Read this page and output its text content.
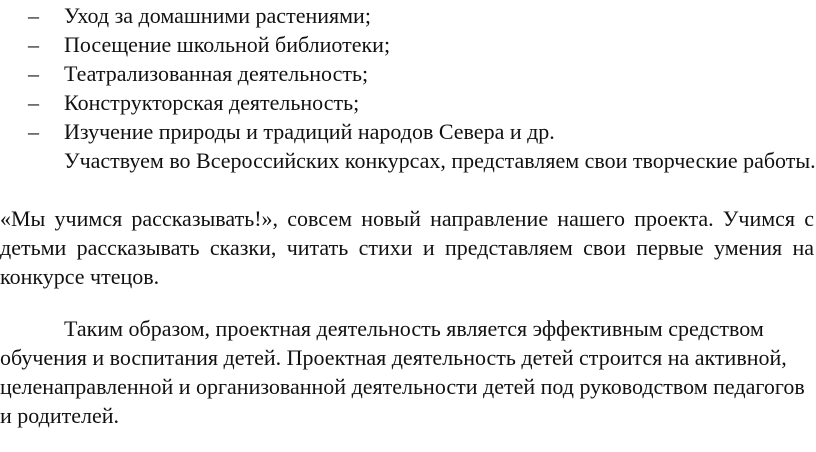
– Уход за домашними растениями;
– Посещение школьной библиотеки;
– Театрализованная деятельность;
– Конструкторская деятельность;
– Изучение природы и традиций народов Севера и др.

Участвуем во Всероссийских конкурсах, представляем свои творческие работы.

«Мы учимся рассказывать!», совсем новый направление нашего проекта. Учимся с детьми рассказывать сказки, читать стихи и представляем свои первые умения на конкурсе чтецов.

Таким образом, проектная деятельность является эффективным средством обучения и воспитания детей. Проектная деятельность детей строится на активной, целенаправленной и организованной деятельности детей под руководством педагогов и родителей.
